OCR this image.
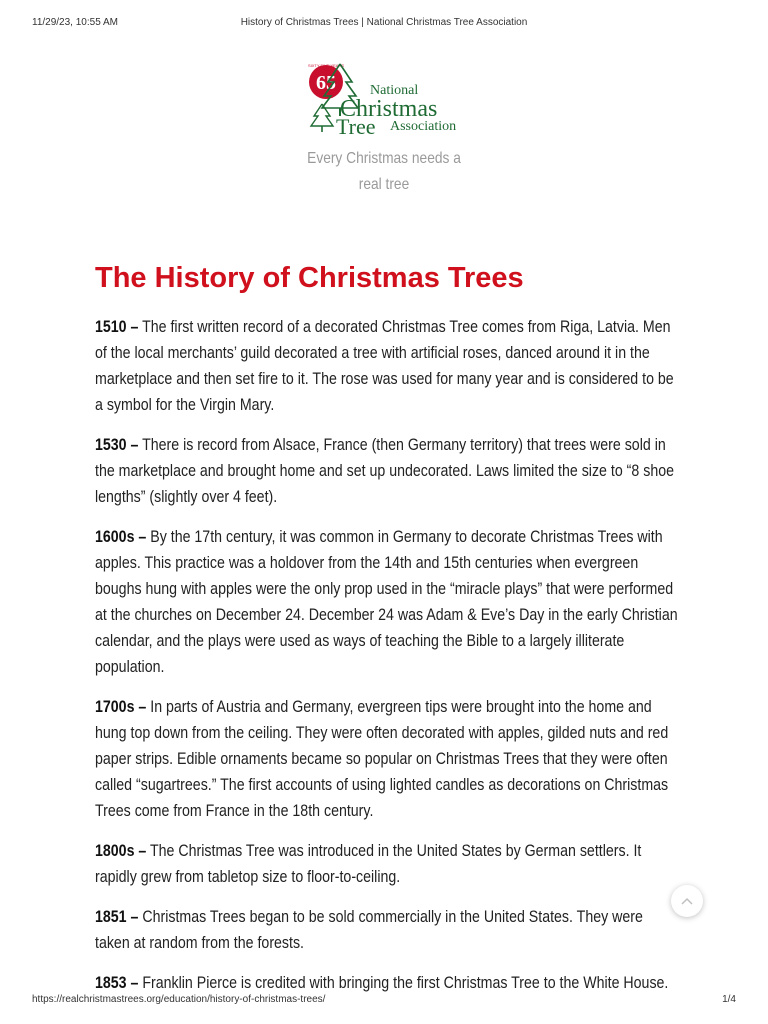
11/29/23, 10:55 AM	History of Christmas Trees | National Christmas Tree Association
65
SIXTY-FIVE YEARS
National
Christmas
Tree Association
Every Christmas needs a real tree
The History of Christmas Trees

1510 – The first written record of a decorated Christmas Tree comes from Riga, Latvia. Men of the local merchants’ guild decorated a tree with artificial roses, danced around it in the marketplace and then set fire to it. The rose was used for many year and is considered to be a symbol for the Virgin Mary.

1530 – There is record from Alsace, France (then Germany territory) that trees were sold in the marketplace and brought home and set up undecorated. Laws limited the size to “8 shoe lengths” (slightly over 4 feet).

1600s – By the 17th century, it was common in Germany to decorate Christmas Trees with apples. This practice was a holdover from the 14th and 15th centuries when evergreen boughs hung with apples were the only prop used in the “miracle plays” that were performed at the churches on December 24. December 24 was Adam & Eve’s Day in the early Christian calendar, and the plays were used as ways of teaching the Bible to a largely illiterate population.

1700s – In parts of Austria and Germany, evergreen tips were brought into the home and hung top down from the ceiling. They were often decorated with apples, gilded nuts and red paper strips. Edible ornaments became so popular on Christmas Trees that they were often called “sugartrees.” The first accounts of using lighted candles as decorations on Christmas Trees come from France in the 18th century.

1800s – The Christmas Tree was introduced in the United States by German settlers. It rapidly grew from tabletop size to floor-to-ceiling.

1851 – Christmas Trees began to be sold commercially in the United States. They were taken at random from the forests.

1853 – Franklin Pierce is credited with bringing the first Christmas Tree to the White House.

https://realchristmastrees.org/education/history-of-christmas-trees/	1/4
